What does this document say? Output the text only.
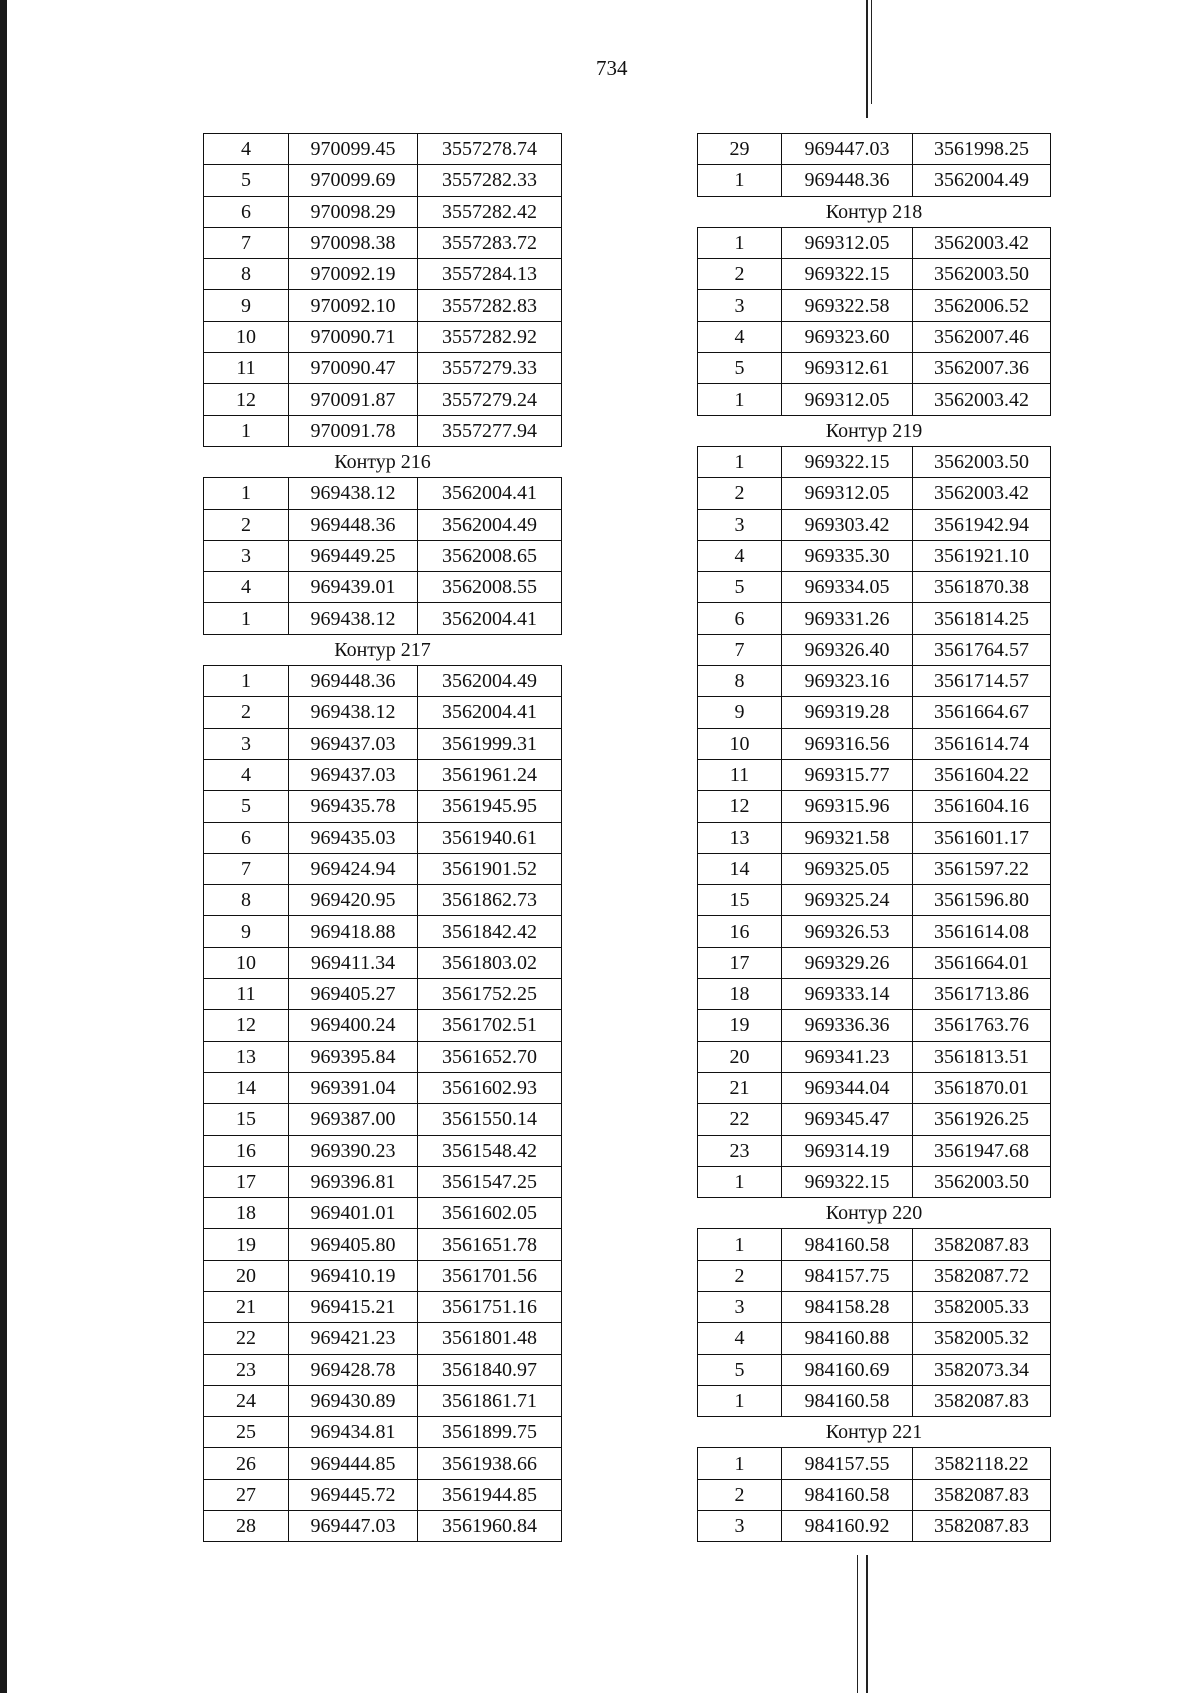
734
4	970099.45	3557278.74
5	970099.69	3557282.33
6	970098.29	3557282.42
7	970098.38	3557283.72
8	970092.19	3557284.13
9	970092.10	3557282.83
10	970090.71	3557282.92
11	970090.47	3557279.33
12	970091.87	3557279.24
1	970091.78	3557277.94
Контур 216		
1	969438.12	3562004.41
2	969448.36	3562004.49
3	969449.25	3562008.65
4	969439.01	3562008.55
1	969438.12	3562004.41
Контур 217		
1	969448.36	3562004.49
2	969438.12	3562004.41
3	969437.03	3561999.31
4	969437.03	3561961.24
5	969435.78	3561945.95
6	969435.03	3561940.61
7	969424.94	3561901.52
8	969420.95	3561862.73
9	969418.88	3561842.42
10	969411.34	3561803.02
11	969405.27	3561752.25
12	969400.24	3561702.51
13	969395.84	3561652.70
14	969391.04	3561602.93
15	969387.00	3561550.14
16	969390.23	3561548.42
17	969396.81	3561547.25
18	969401.01	3561602.05
19	969405.80	3561651.78
20	969410.19	3561701.56
21	969415.21	3561751.16
22	969421.23	3561801.48
23	969428.78	3561840.97
24	969430.89	3561861.71
25	969434.81	3561899.75
26	969444.85	3561938.66
27	969445.72	3561944.85
28	969447.03	3561960.84
29	969447.03	3561998.25
1	969448.36	3562004.49
Контур 218		
1	969312.05	3562003.42
2	969322.15	3562003.50
3	969322.58	3562006.52
4	969323.60	3562007.46
5	969312.61	3562007.36
1	969312.05	3562003.42
Контур 219		
1	969322.15	3562003.50
2	969312.05	3562003.42
3	969303.42	3561942.94
4	969335.30	3561921.10
5	969334.05	3561870.38
6	969331.26	3561814.25
7	969326.40	3561764.57
8	969323.16	3561714.57
9	969319.28	3561664.67
10	969316.56	3561614.74
11	969315.77	3561604.22
12	969315.96	3561604.16
13	969321.58	3561601.17
14	969325.05	3561597.22
15	969325.24	3561596.80
16	969326.53	3561614.08
17	969329.26	3561664.01
18	969333.14	3561713.86
19	969336.36	3561763.76
20	969341.23	3561813.51
21	969344.04	3561870.01
22	969345.47	3561926.25
23	969314.19	3561947.68
1	969322.15	3562003.50
Контур 220		
1	984160.58	3582087.83
2	984157.75	3582087.72
3	984158.28	3582005.33
4	984160.88	3582005.32
5	984160.69	3582073.34
1	984160.58	3582087.83
Контур 221		
1	984157.55	3582118.22
2	984160.58	3582087.83
3	984160.92	3582087.83
